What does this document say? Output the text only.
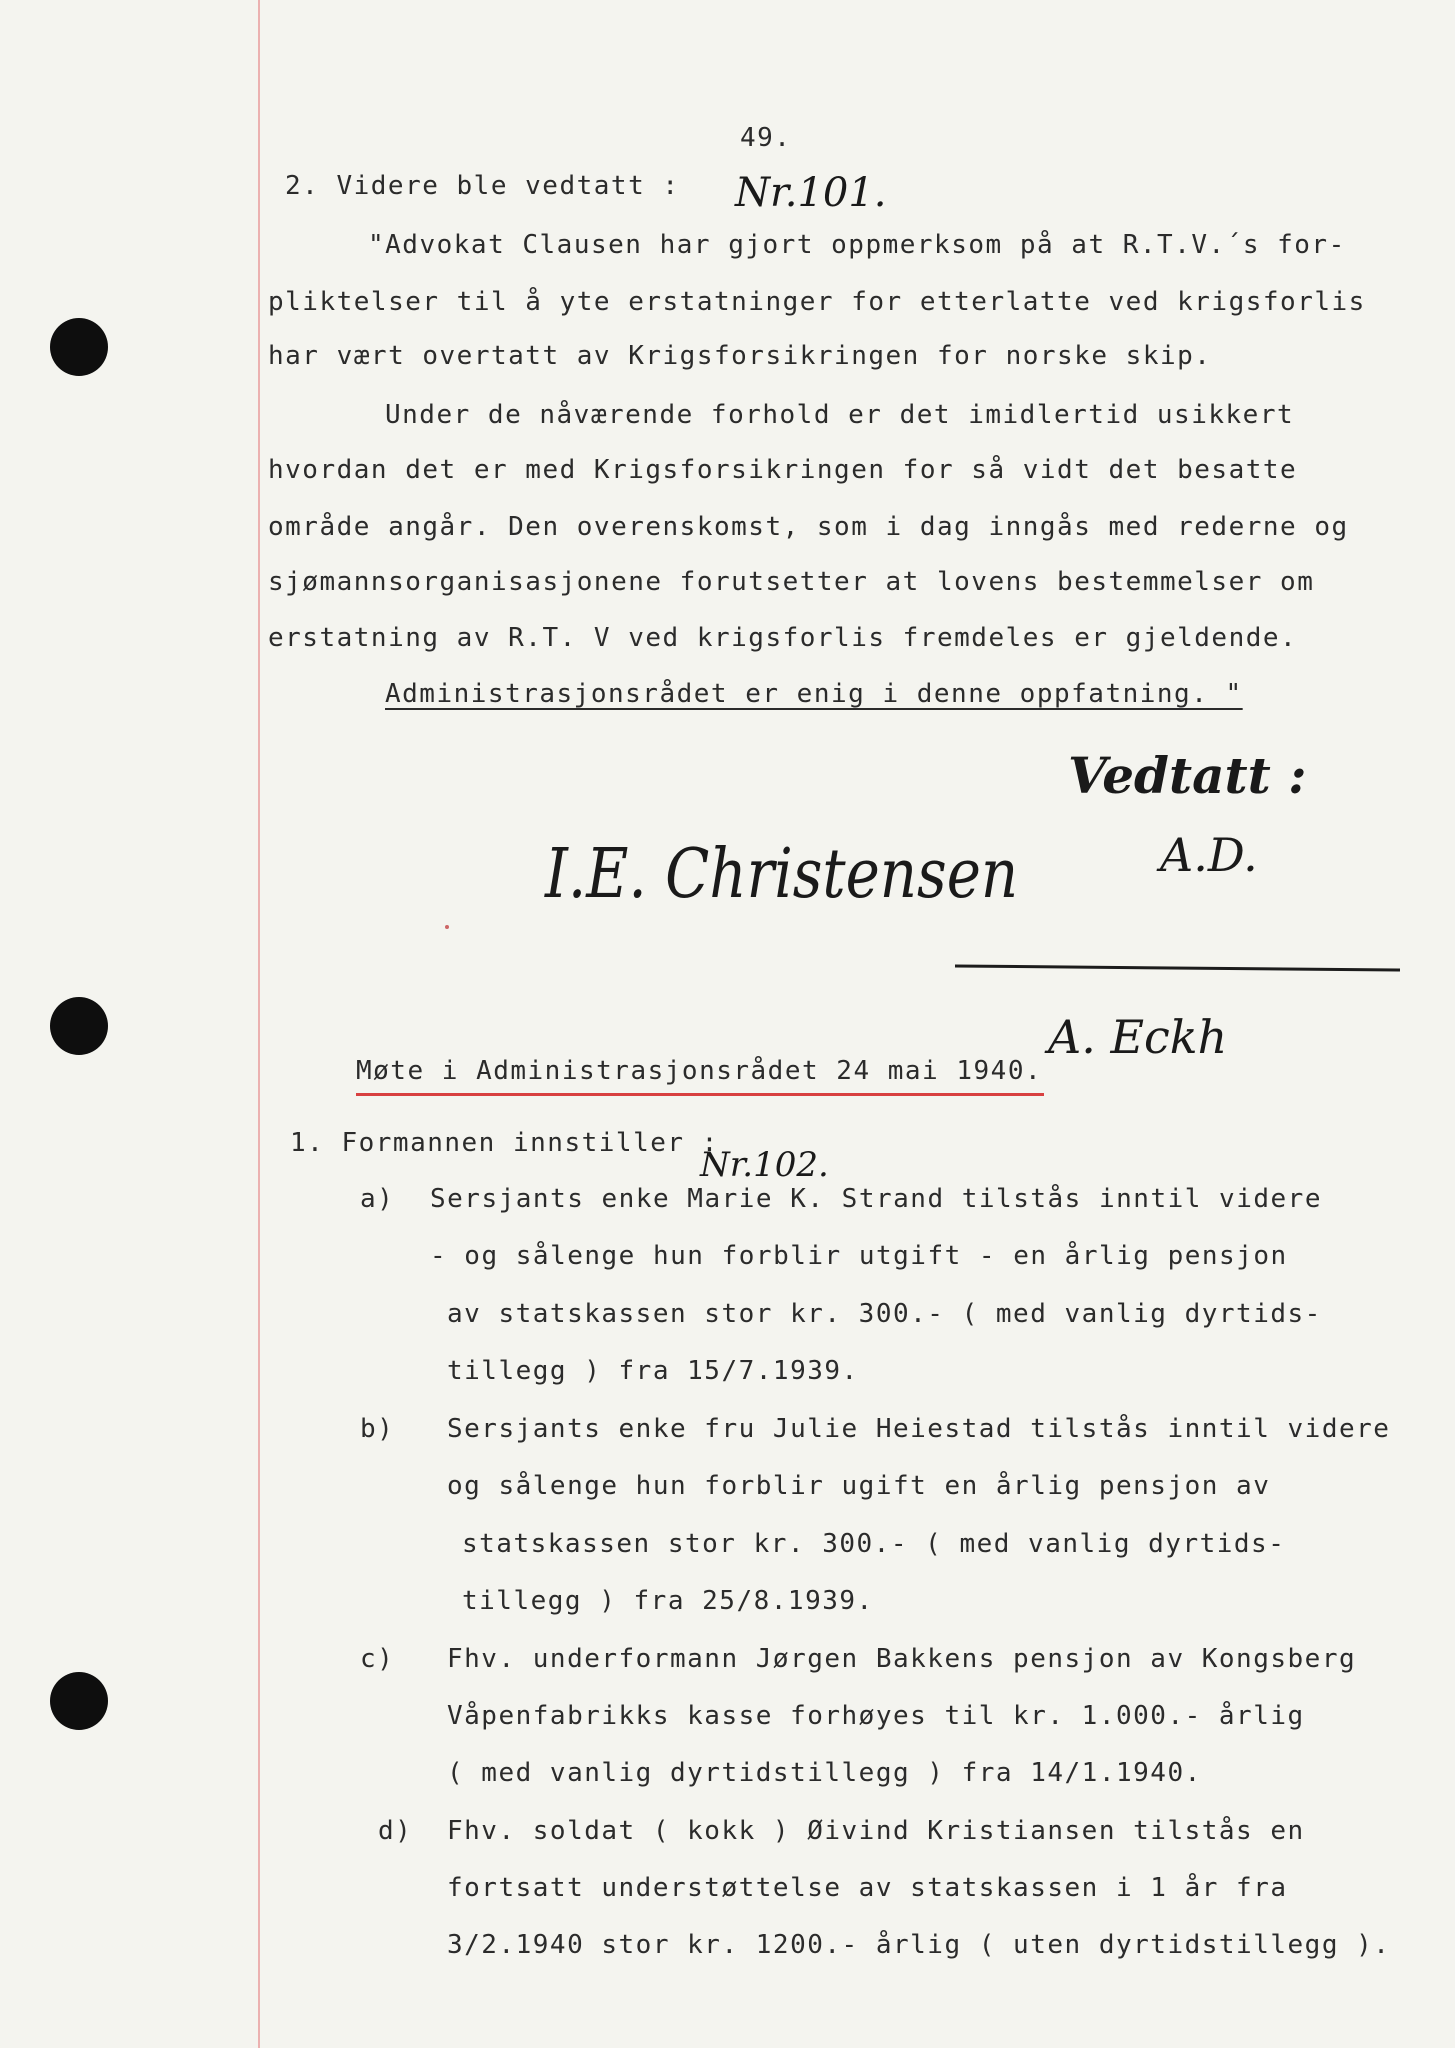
49.
2. Videre ble vedtatt : Nr.101.
"Advokat Clausen har gjort oppmerksom på at R.T.V.´s for-
pliktelser til å yte erstatninger for etterlatte ved krigsforlis
har vært overtatt av Krigsforsikringen for norske skip.
Under de nåværende forhold er det imidlertid usikkert
hvordan det er med Krigsforsikringen for så vidt det besatte
område angår. Den overenskomst, som i dag inngås med rederne og
sjømannsorganisasjonene forutsetter at lovens bestemmelser om
erstatning av R.T. V ved krigsforlis fremdeles er gjeldende.
Administrasjonsrådet er enig i denne oppfatning. "
Vedtatt :
A.D.
I.E. Christensen
A. Eckh
Møte i Administrasjonsrådet 24 mai 1940.
1. Formannen innstiller :
Nr.102.
a) Sersjants enke Marie K. Strand tilstås inntil videre
- og sålenge hun forblir utgift - en årlig pensjon
av statskassen stor kr. 300.- ( med vanlig dyrtids-
tillegg ) fra 15/7.1939.
b) Sersjants enke fru Julie Heiestad tilstås inntil videre
og sålenge hun forblir ugift en årlig pensjon av
statskassen stor kr. 300.- ( med vanlig dyrtids-
tillegg ) fra 25/8.1939.
c) Fhv. underformann Jørgen Bakkens pensjon av Kongsberg
Våpenfabrikks kasse forhøyes til kr. 1.000.- årlig
( med vanlig dyrtidstillegg ) fra 14/1.1940.
d) Fhv. soldat ( kokk ) Øivind Kristiansen tilstås en
fortsatt understøttelse av statskassen i 1 år fra
3/2.1940 stor kr. 1200.- årlig ( uten dyrtidstillegg ).
